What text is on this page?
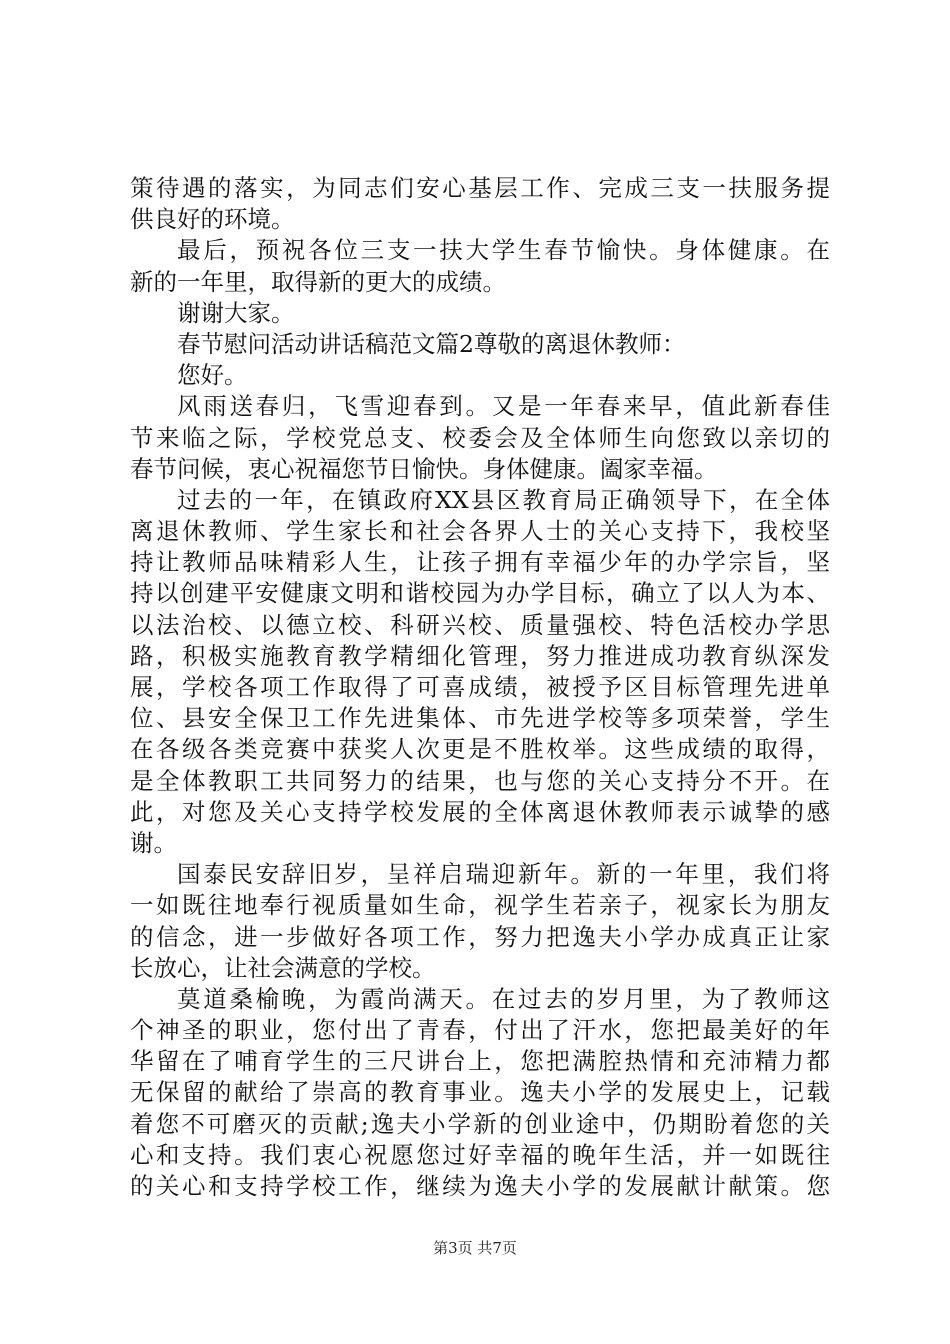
策待遇的落实，为同志们安心基层工作、完成三支一扶服务提
供良好的环境。
最后，预祝各位三支一扶大学生春节愉快。身体健康。在
新的一年里，取得新的更大的成绩。
谢谢大家。
春节慰问活动讲话稿范文篇2尊敬的离退休教师：
您好。
风雨送春归，飞雪迎春到。又是一年春来早，值此新春佳
节来临之际，学校党总支、校委会及全体师生向您致以亲切的
春节问候，衷心祝福您节日愉快。身体健康。阖家幸福。
过去的一年，在镇政府XX县区教育局正确领导下，在全体
离退休教师、学生家长和社会各界人士的关心支持下，我校坚
持让教师品味精彩人生，让孩子拥有幸福少年的办学宗旨，坚
持以创建平安健康文明和谐校园为办学目标，确立了以人为本、
以法治校、以德立校、科研兴校、质量强校、特色活校办学思
路，积极实施教育教学精细化管理，努力推进成功教育纵深发
展，学校各项工作取得了可喜成绩，被授予区目标管理先进单
位、县安全保卫工作先进集体、市先进学校等多项荣誉，学生
在各级各类竞赛中获奖人次更是不胜枚举。这些成绩的取得，
是全体教职工共同努力的结果，也与您的关心支持分不开。在
此，对您及关心支持学校发展的全体离退休教师表示诚挚的感
谢。
国泰民安辞旧岁，呈祥启瑞迎新年。新的一年里，我们将
一如既往地奉行视质量如生命，视学生若亲子，视家长为朋友
的信念，进一步做好各项工作，努力把逸夫小学办成真正让家
长放心，让社会满意的学校。
莫道桑榆晚，为霞尚满天。在过去的岁月里，为了教师这
个神圣的职业，您付出了青春，付出了汗水，您把最美好的年
华留在了哺育学生的三尺讲台上，您把满腔热情和充沛精力都
无保留的献给了崇高的教育事业。逸夫小学的发展史上，记载
着您不可磨灭的贡献;逸夫小学新的创业途中，仍期盼着您的关
心和支持。我们衷心祝愿您过好幸福的晚年生活，并一如既往
的关心和支持学校工作，继续为逸夫小学的发展献计献策。您
第3页 共7页
